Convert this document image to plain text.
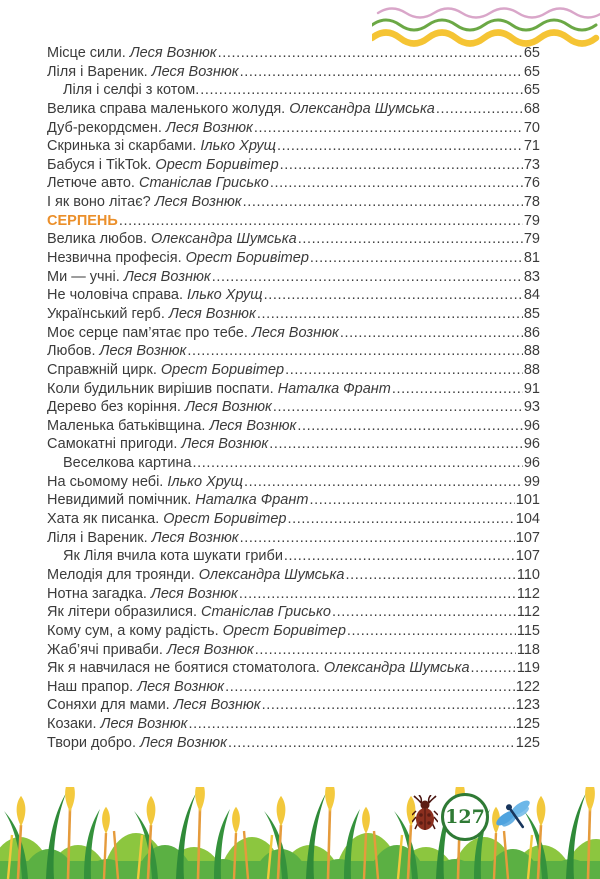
Місце сили. Леся Вознюк .....	65
Ліля і Вареник. Леся Вознюк .....	65
Ліля і селфі з котом. .....	65
Велика справа маленького жолудя. Олександра Шумська .....	68
Дуб-рекордсмен. Леся Вознюк .....	70
Скринька зі скарбами. Ілько Хрущ .....	71
Бабуся і TikTok. Орест Боривітер .....	73
Летюче авто. Станіслав Грисько .....	76
І як воно літає? Леся Вознюк .....	78
СЕРПЕНЬ .....	79
Велика любов. Олександра Шумська .....	79
Незвична професія. Орест Боривітер .....	81
Ми — учні. Леся Вознюк .....	83
Не чоловіча справа. Ілько Хрущ .....	84
Український герб. Леся Вознюк .....	85
Моє серце пам’ятає про тебе. Леся Вознюк .....	86
Любов. Леся Вознюк .....	88
Справжній цирк. Орест Боривітер .....	88
Коли будильник вирішив поспати. Наталка Франт .....	91
Дерево без коріння. Леся Вознюк .....	93
Маленька батьківщина. Леся Вознюк .....	96
Самокатні пригоди. Леся Вознюк .....	96
Веселкова картина .....	96
На сьомому небі. Ілько Хрущ .....	99
Невидимий помічник. Наталка Франт .....	101
Хата як писанка. Орест Боривітер .....	104
Ліля і Вареник. Леся Вознюк .....	107
Як Ліля вчила кота шукати гриби .....	107
Мелодія для троянди. Олександра Шумська .....	110
Нотна загадка. Леся Вознюк .....	112
Як літери образилися. Станіслав Грисько .....	112
Кому сум, а кому радість. Орест Боривітер .....	115
Жаб’ячі приваби. Леся Вознюк .....	118
Як я навчилася не боятися стоматолога. Олександра Шумська .....	119
Наш прапор. Леся Вознюк .....	122
Соняхи для мами. Леся Вознюк .....	123
Козаки. Леся Вознюк .....	125
Твори добро. Леся Вознюк .....	125
127
